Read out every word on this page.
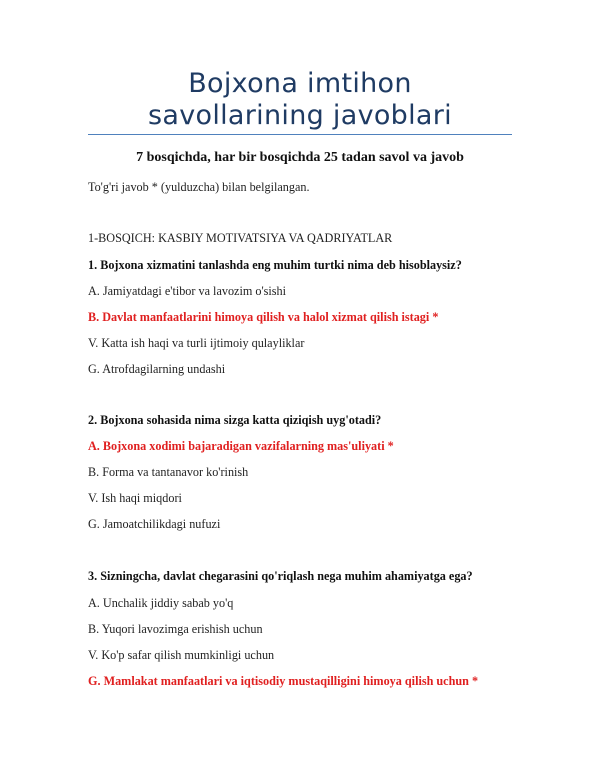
Bojxona imtihon
savollarining javoblari
7 bosqichda, har bir bosqichda 25 tadan savol va javob
To'g'ri javob * (yulduzcha) bilan belgilangan.
1-BOSQICH: KASBIY MOTIVATSIYA VA QADRIYATLAR
1. Bojxona xizmatini tanlashda eng muhim turtki nima deb hisoblaysiz?
A. Jamiyatdagi e'tibor va lavozim o'sishi
B. Davlat manfaatlarini himoya qilish va halol xizmat qilish istagi *
V. Katta ish haqi va turli ijtimoiy qulayliklar
G. Atrofdagilarning undashi
2. Bojxona sohasida nima sizga katta qiziqish uyg'otadi?
A. Bojxona xodimi bajaradigan vazifalarning mas'uliyati *
B. Forma va tantanavor ko'rinish
V. Ish haqi miqdori
G. Jamoatchilikdagi nufuzi
3. Sizningcha, davlat chegarasini qo'riqlash nega muhim ahamiyatga ega?
A. Unchalik jiddiy sabab yo'q
B. Yuqori lavozimga erishish uchun
V. Ko'p safar qilish mumkinligi uchun
G. Mamlakat manfaatlari va iqtisodiy mustaqilligini himoya qilish uchun *
